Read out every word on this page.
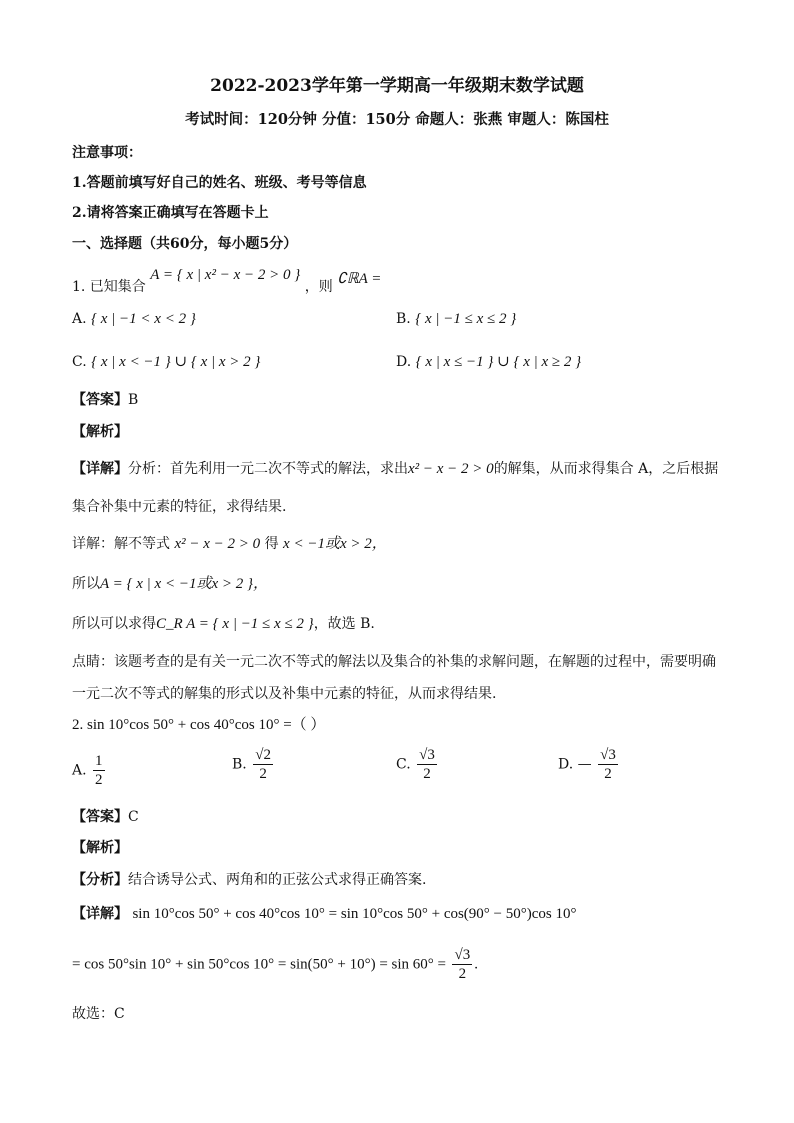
2022-2023学年第一学期高一年级期末数学试题
考试时间：120分钟 分值：150分 命题人：张燕 审题人：陈国柱
注意事项：
1.答题前填写好自己的姓名、班级、考号等信息
2.请将答案正确填写在答题卡上
一、选择题（共60分，每小题5分）
1. 已知集合 A = { x | x² − x − 2 > 0 } ，则 ∁ℝA =
A. { x | −1 < x < 2 }	B. { x | −1 ≤ x ≤ 2 }
C. { x | x < −1 } ∪ { x | x > 2 }	D. { x | x ≤ −1 } ∪ { x | x ≥ 2 }
【答案】B
【解析】
【详解】分析：首先利用一元二次不等式的解法，求出x² − x − 2 > 0的解集，从而求得集合 A，之后根据
集合补集中元素的特征，求得结果.
详解：解不等式 x² − x − 2 > 0 得 x < −1或x > 2，
所以A = { x | x < −1或x > 2 }，
所以可以求得C_R A = { x | −1 ≤ x ≤ 2 }，故选 B.
点睛：该题考查的是有关一元二次不等式的解法以及集合的补集的求解问题，在解题的过程中，需要明确
一元二次不等式的解集的形式以及补集中元素的特征，从而求得结果.
2. sin 10°cos 50° + cos 40°cos 10° =（ ）
A. $\frac{1}{2}$	B. $\frac{√2}{2}$	C. $\frac{√3}{2}$	D. — $\frac{√3}{2}$
【答案】C
【解析】
【分析】结合诱导公式、两角和的正弦公式求得正确答案.
【详解】 sin 10°cos 50° + cos 40°cos 10° = sin 10°cos 50° + cos(90° − 50°)cos 10°
= cos 50°sin 10° + sin 50°cos $10^\circ = \sin(50^\circ + 10^\circ) = \sin 60^\circ = \frac{√3}{2}$ .
故选：C
